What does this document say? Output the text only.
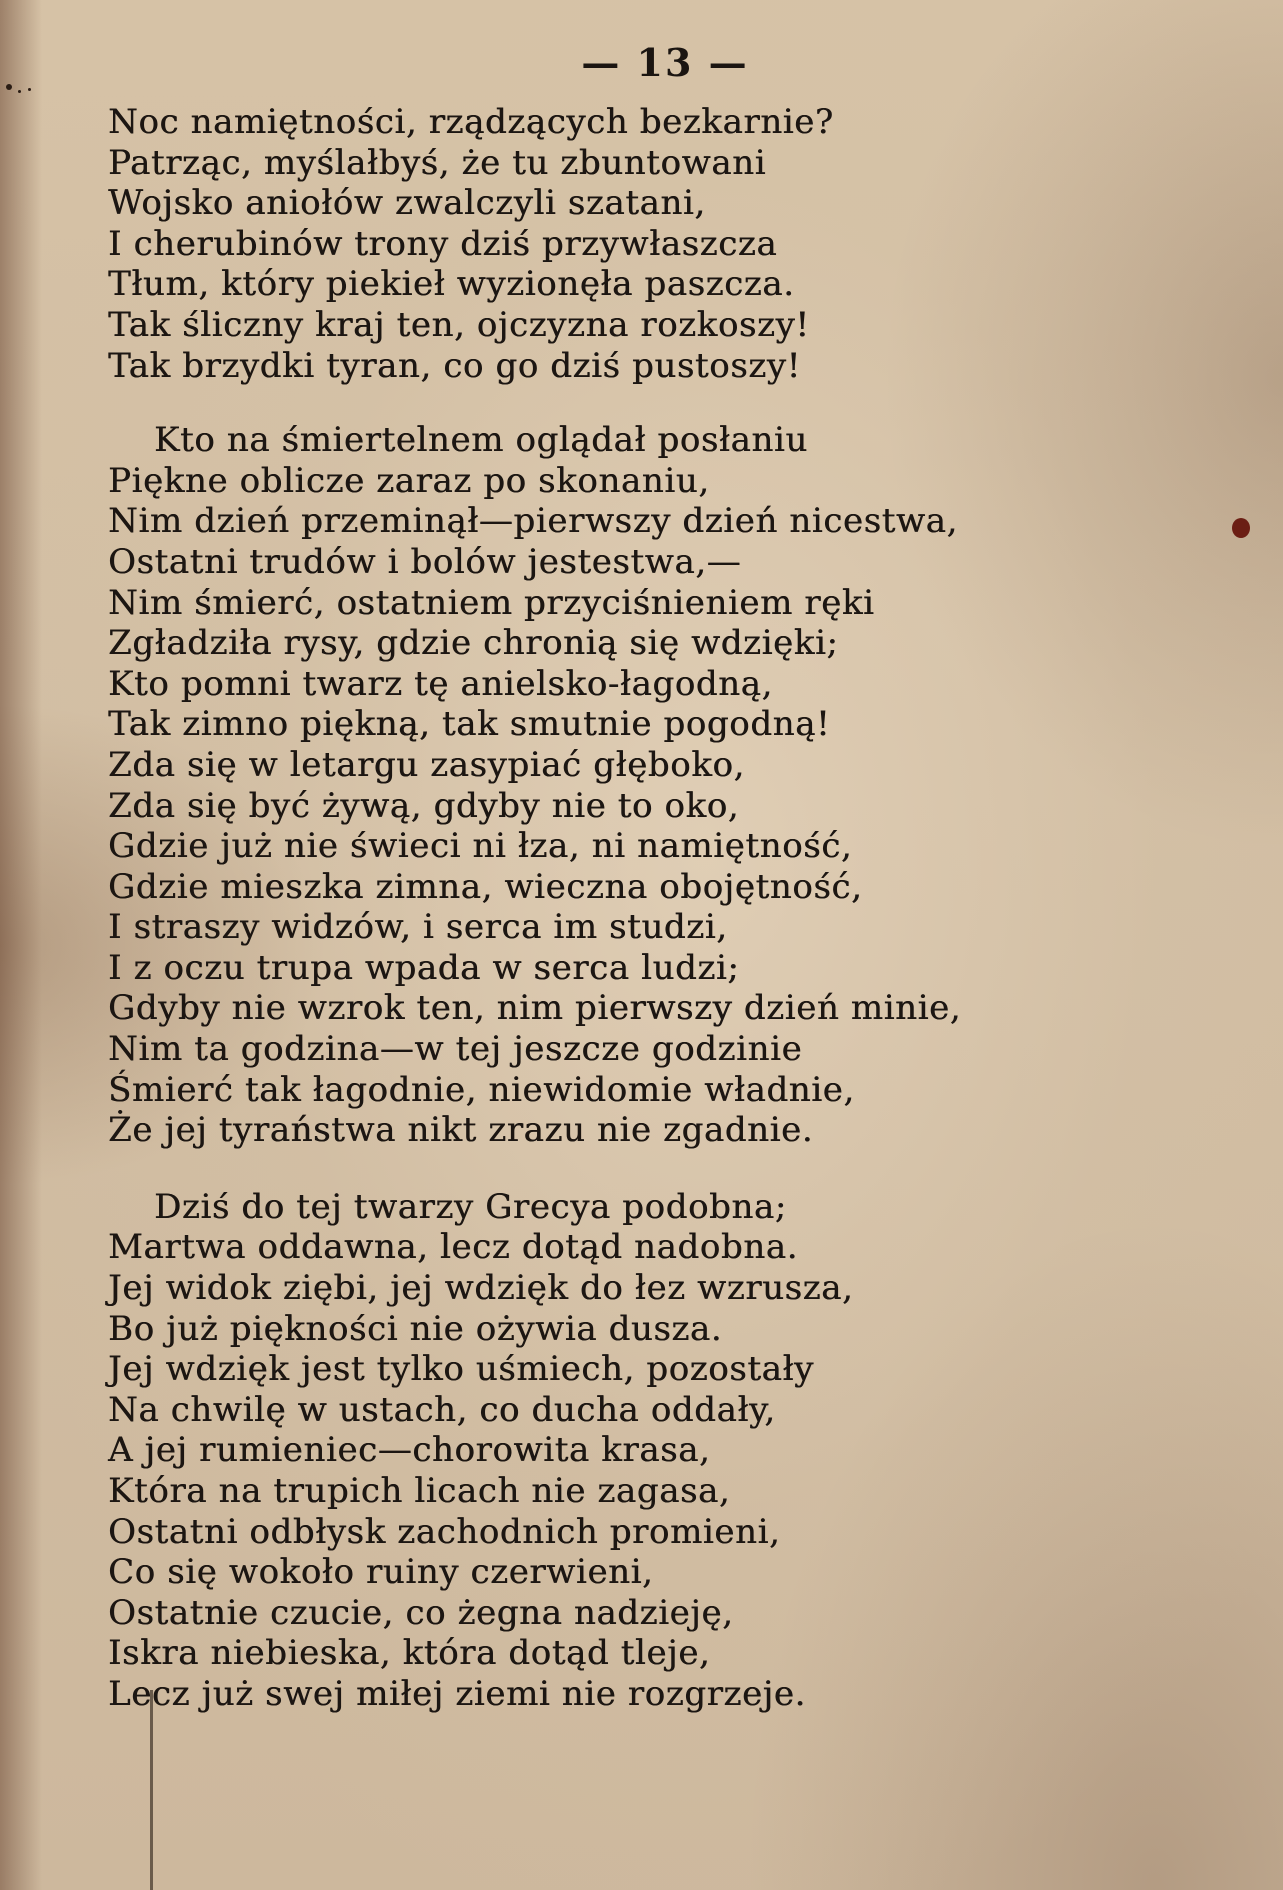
— 13 —
Noc namiętności, rządzących bezkarnie?
Patrząc, myślałbyś, że tu zbuntowani
Wojsko aniołów zwalczyli szatani,
I cherubinów trony dziś przywłaszcza
Tłum, który piekieł wyzionęła paszcza.
Tak śliczny kraj ten, ojczyzna rozkoszy!
Tak brzydki tyran, co go dziś pustoszy!
Kto na śmiertelnem oglądał posłaniu
Piękne oblicze zaraz po skonaniu,
Nim dzień przeminął—pierwszy dzień nicestwa,
Ostatni trudów i bolów jestestwa,—
Nim śmierć, ostatniem przyciśnieniem ręki
Zgładziła rysy, gdzie chronią się wdzięki;
Kto pomni twarz tę anielsko-łagodną,
Tak zimno piękną, tak smutnie pogodną!
Zda się w letargu zasypiać głęboko,
Zda się być żywą, gdyby nie to oko,
Gdzie już nie świeci ni łza, ni namiętność,
Gdzie mieszka zimna, wieczna obojętność,
I straszy widzów, i serca im studzi,
I z oczu trupa wpada w serca ludzi;
Gdyby nie wzrok ten, nim pierwszy dzień minie,
Nim ta godzina—w tej jeszcze godzinie
Śmierć tak łagodnie, niewidomie władnie,
Że jej tyraństwa nikt zrazu nie zgadnie.
Dziś do tej twarzy Grecya podobna;
Martwa oddawna, lecz dotąd nadobna.
Jej widok ziębi, jej wdzięk do łez wzrusza,
Bo już piękności nie ożywia dusza.
Jej wdzięk jest tylko uśmiech, pozostały
Na chwilę w ustach, co ducha oddały,
A jej rumieniec—chorowita krasa,
Która na trupich licach nie zagasa,
Ostatni odbłysk zachodnich promieni,
Co się wokoło ruiny czerwieni,
Ostatnie czucie, co żegna nadzieję,
Iskra niebieska, która dotąd tleje,
Lecz już swej miłej ziemi nie rozgrzeje.
